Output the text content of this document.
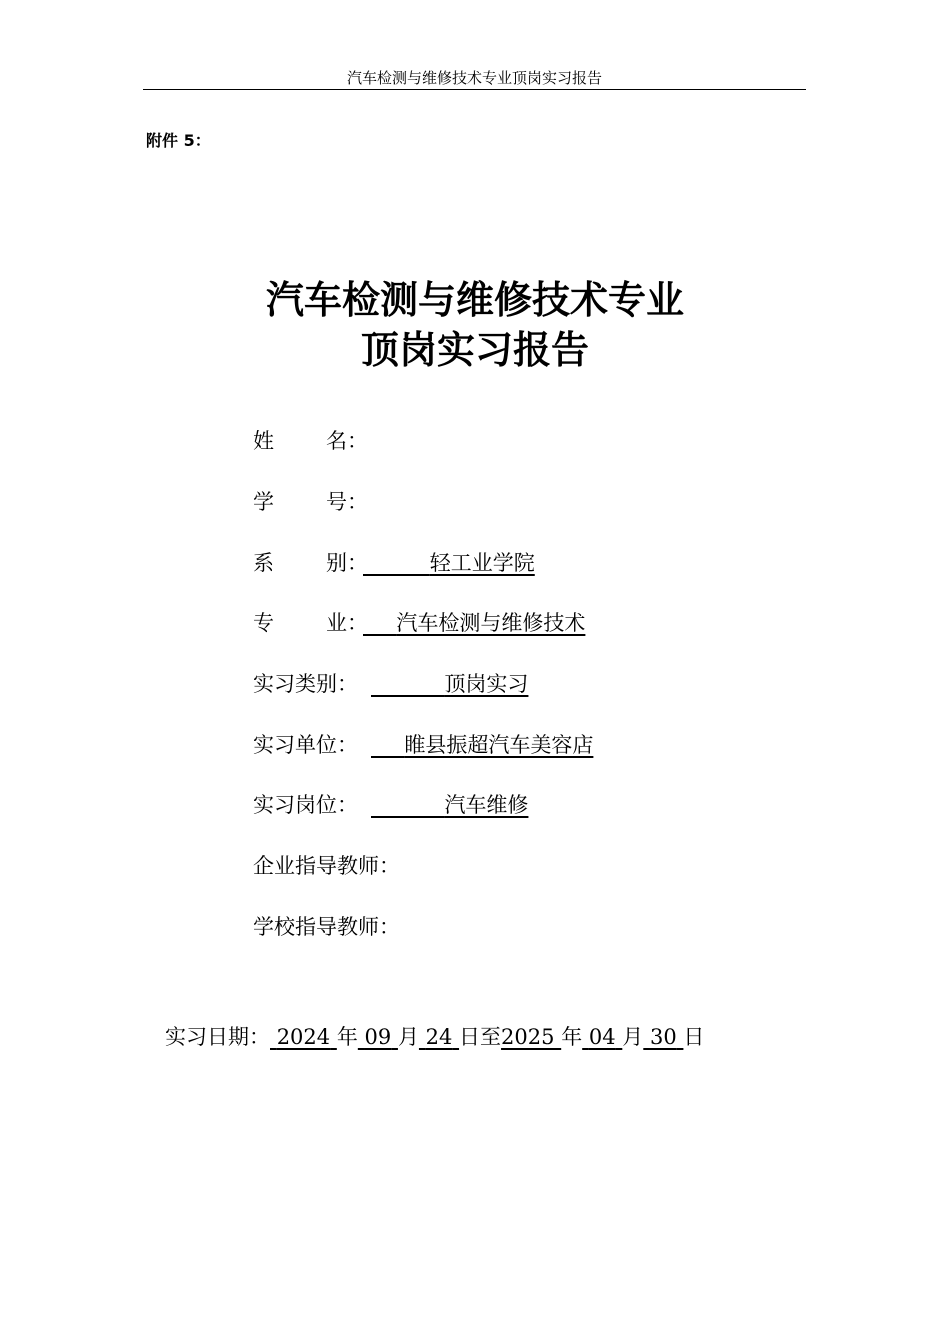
汽车检测与维修技术专业顶岗实习报告
附件 5：
汽车检测与维修技术专业
顶岗实习报告
姓 名：
学 号：
系 别：	轻工业学院
专 业： 汽车检测与维修技术
实习类别：	顶岗实习
实习单位： 睢县振超汽车美容店
实习岗位：	汽车维修
企业指导教师：
学校指导教师：
实习日期： 2024 年 09 月 24 日至2025 年 04 月 30 日
